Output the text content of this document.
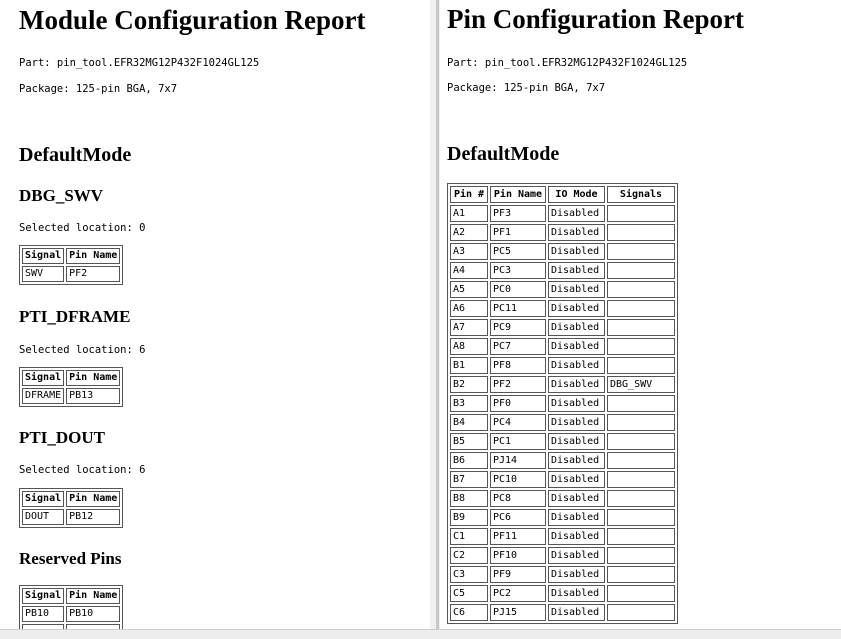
Module Configuration Report

Part: pin_tool.EFR32MG12P432F1024GL125

Package: 125-pin BGA, 7x7

DefaultMode
DBG_SWV

Selected location: 0

Signal	Pin Name
SWV	PF2
PTI_DFRAME

Selected location: 6

Signal	Pin Name
DFRAME	PB13
PTI_DOUT

Selected location: 6

Signal	Pin Name
DOUT	PB12
Reserved Pins
Signal	Pin Name
PB10	PB10

Pin Configuration Report

Part: pin_tool.EFR32MG12P432F1024GL125

Package: 125-pin BGA, 7x7

DefaultMode
Pin #	Pin Name	IO Mode	Signals
A1	PF3	Disabled	
A2	PF1	Disabled	
A3	PC5	Disabled	
A4	PC3	Disabled	
A5	PC0	Disabled	
A6	PC11	Disabled	
A7	PC9	Disabled	
A8	PC7	Disabled	
B1	PF8	Disabled	
B2	PF2	Disabled	DBG_SWV
B3	PF0	Disabled	
B4	PC4	Disabled	
B5	PC1	Disabled	
B6	PJ14	Disabled	
B7	PC10	Disabled	
B8	PC8	Disabled	
B9	PC6	Disabled	
C1	PF11	Disabled	
C2	PF10	Disabled	
C3	PF9	Disabled	
C5	PC2	Disabled	
C6	PJ15	Disabled	
